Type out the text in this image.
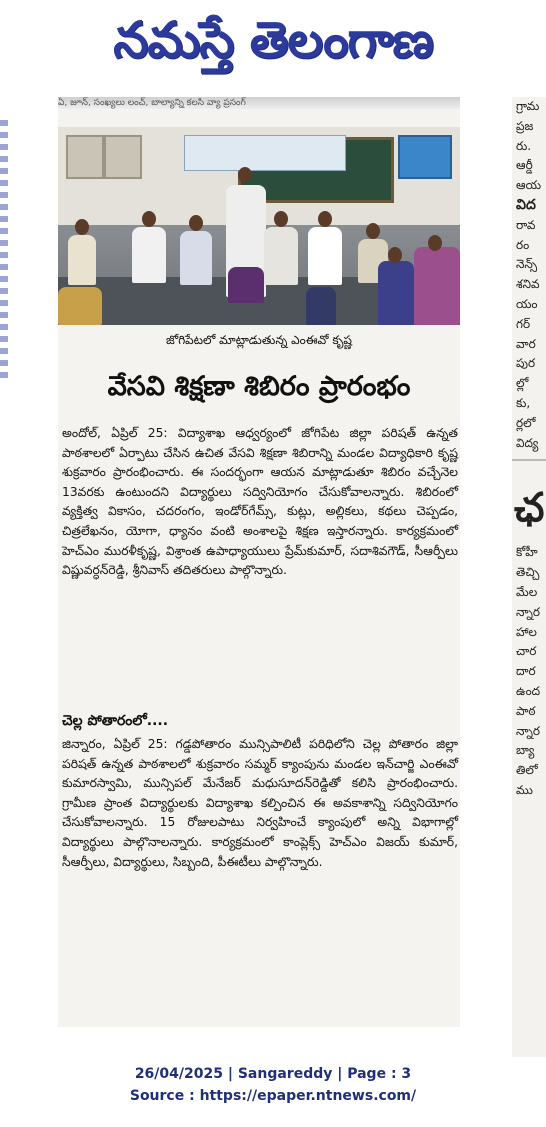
నమస్తే తెలంగాణ
ఏ, జూన్, సంఖ్యలు లంచ్‌, బాల్యాన్ని కలసి వ్యా ప్రసంగ్
జోగిపేటలో మాట్లాడుతున్న ఎంఈవో కృష్ణ
వేసవి శిక్షణా శిబిరం ప్రారంభం
అందోల్, ఏప్రిల్ 25: విద్యాశాఖ ఆధ్వర్యంలో జోగిపేట జిల్లా పరిషత్ ఉన్నత పాఠశాలలో ఏర్పాటు చేసిన ఉచిత వేసవి శిక్షణా శిబిరాన్ని మండల విద్యాధికారి కృష్ణ శుక్రవారం ప్రారంభించారు. ఈ సందర్భంగా ఆయన మాట్లాడుతూ శిబిరం వచ్చేనెల 13వరకు ఉంటుందని విద్యార్థులు సద్వినియోగం చేసుకోవాలన్నారు. శిబిరంలో వ్యక్తిత్వ వికాసం, చదరంగం, ఇండోర్‌గేమ్స్, కుట్లు, అల్లికలు, కథలు చెప్పడం, చిత్రలేఖనం, యోగా, ధ్యానం వంటి అంశాలపై శిక్షణ ఇస్తారన్నారు. కార్యక్రమంలో హెచ్‌ఎం మురళీకృష్ణ, విశ్రాంత ఉపాధ్యాయులు ప్రేమ్‌కుమార్, సదాశివగౌడ్, సీఆర్పీలు విష్ణువర్ధన్‌రెడ్డి, శ్రీనివాస్ తదితరులు పాల్గొన్నారు.
చెల్ల పోతారంలో....
జిన్నారం, ఏప్రిల్ 25: గడ్డపోతారం మున్సిపాలిటీ పరిధిలోని చెల్ల పోతారం జిల్లా పరిషత్ ఉన్నత పాఠశాలలో శుక్రవారం సమ్మర్ క్యాంపును మండల ఇన్‌చార్జి ఎంఈవో కుమారస్వామి, మున్సిపల్ మేనేజర్ మధుసూదన్‌రెడ్డితో కలిసి ప్రారంభించారు. గ్రామీణ ప్రాంత విద్యార్థులకు విద్యాశాఖ కల్పించిన ఈ అవకాశాన్ని సద్వినియోగం చేసుకోవాలన్నారు. 15 రోజులపాటు నిర్వహించే క్యాంపులో అన్ని విభాగాల్లో విద్యార్థులు పాల్గొనాలన్నారు. కార్యక్రమంలో కాంప్లెక్స్ హెచ్‌ఎం విజయ్ కుమార్, సీఆర్పీలు, విద్యార్థులు, సిబ్బంది, పీఈటీలు పాల్గొన్నారు.
గ్రామ
ప్రజ
రు.
ఆర్డీ
ఆయ
విద
రావ
రం
నెన్స్
శనివ
యం
గర్
వార
పుర
ల్లో
కు,
ర్లలో
విద్య
ఛ
కోహీ
తెచ్చి
మేల
న్నార
హాల
చార
దార
ఉంద
పాఠ
న్నార
బ్యా
తిలో
ము
26/04/2025 | Sangareddy | Page : 3
Source : https://epaper.ntnews.com/
